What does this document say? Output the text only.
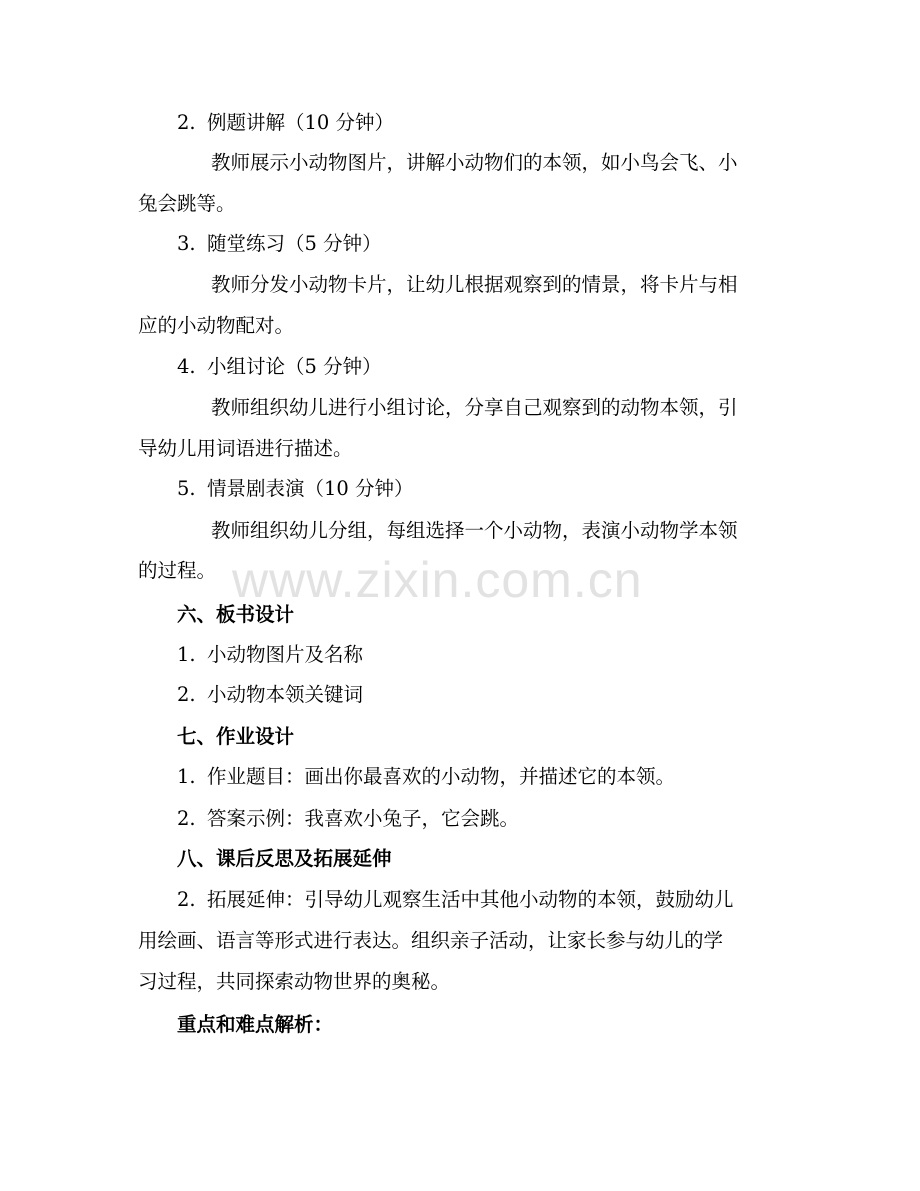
www.zixin.com.cn
2. 例题讲解（10 分钟）
教师展示小动物图片，讲解小动物们的本领，如小鸟会飞、小
兔会跳等。
3. 随堂练习（5 分钟）
教师分发小动物卡片，让幼儿根据观察到的情景，将卡片与相
应的小动物配对。
4. 小组讨论（5 分钟）
教师组织幼儿进行小组讨论，分享自己观察到的动物本领，引
导幼儿用词语进行描述。
5. 情景剧表演（10 分钟）
教师组织幼儿分组，每组选择一个小动物，表演小动物学本领
的过程。
六、板书设计
1. 小动物图片及名称
2. 小动物本领关键词
七、作业设计
1. 作业题目：画出你最喜欢的小动物，并描述它的本领。
2. 答案示例：我喜欢小兔子，它会跳。
八、课后反思及拓展延伸
2. 拓展延伸：引导幼儿观察生活中其他小动物的本领，鼓励幼儿
用绘画、语言等形式进行表达。组织亲子活动，让家长参与幼儿的学
习过程，共同探索动物世界的奥秘。
重点和难点解析：
